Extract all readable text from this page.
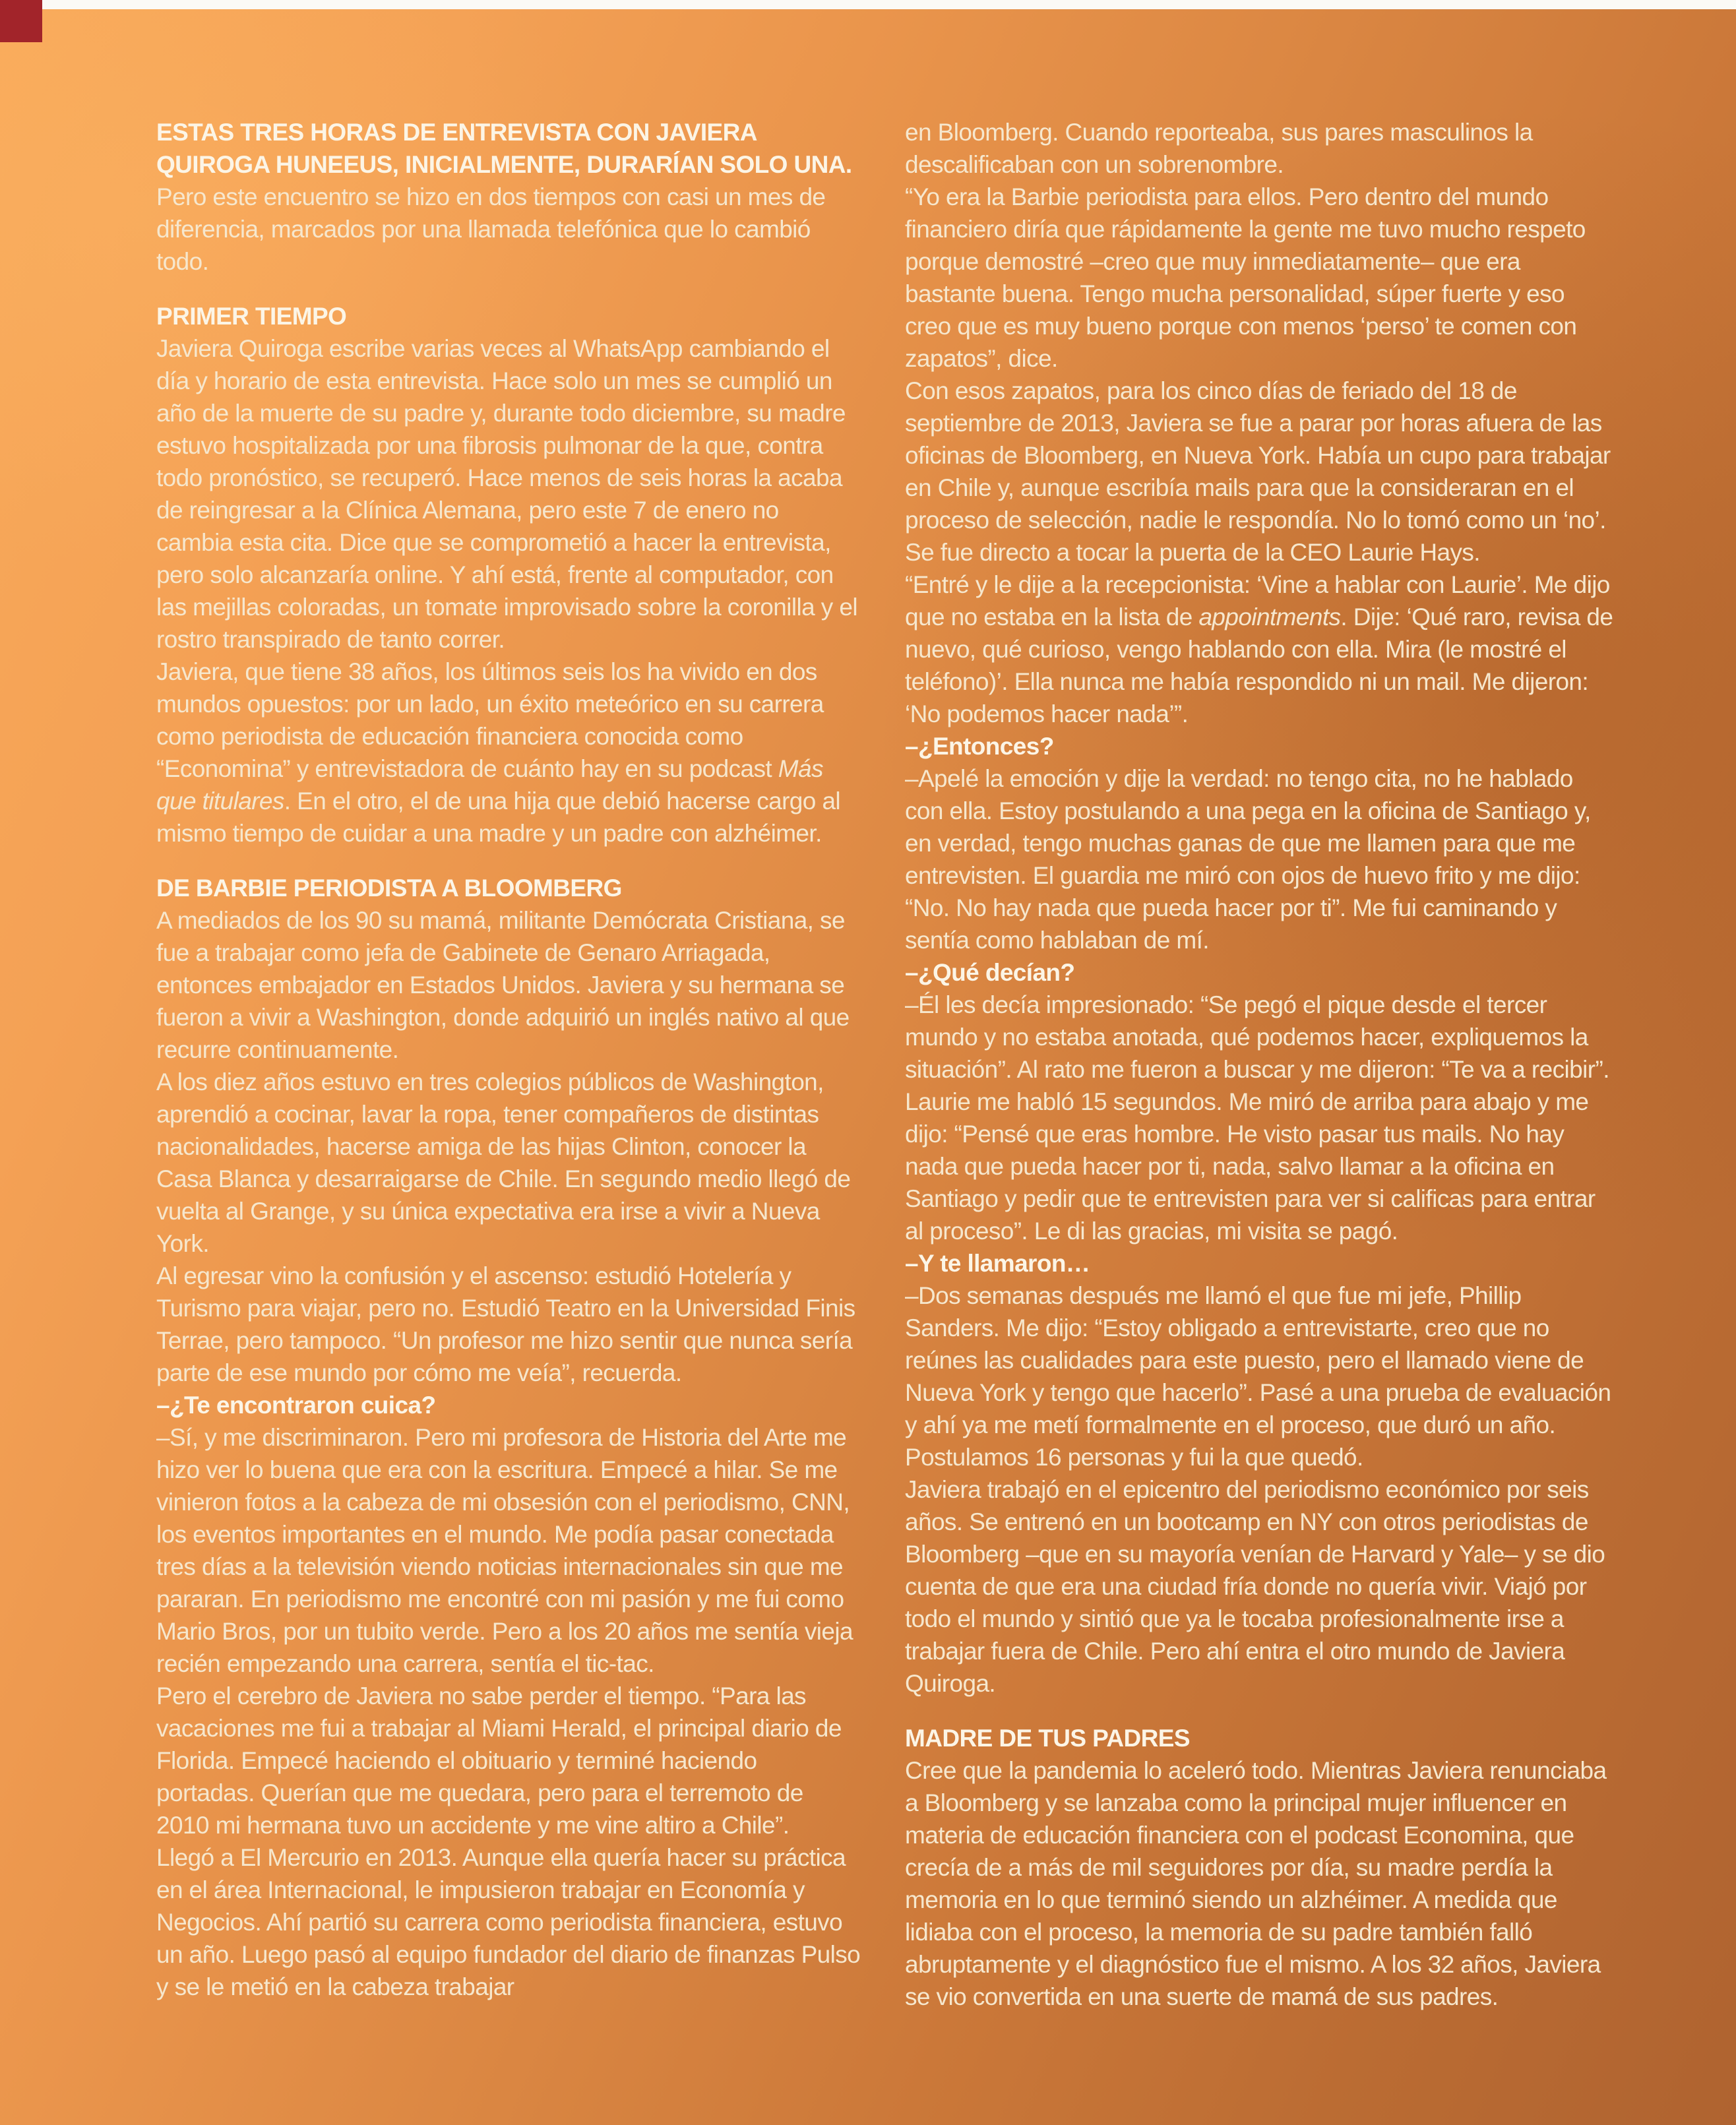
ESTAS TRES HORAS DE ENTREVISTA CON JAVIERA QUIROGA HUNEEUS, INICIALMENTE, DURARÍAN SOLO UNA. Pero este encuentro se hizo en dos tiempos con casi un mes de diferencia, marcados por una llamada telefónica que lo cambió todo.

PRIMER TIEMPO

Javiera Quiroga escribe varias veces al WhatsApp cambiando el día y horario de esta entrevista. Hace solo un mes se cumplió un año de la muerte de su padre y, durante todo diciembre, su madre estuvo hospitalizada por una fibrosis pulmonar de la que, contra todo pronóstico, se recuperó. Hace menos de seis horas la acaba de reingresar a la Clínica Alemana, pero este 7 de enero no cambia esta cita. Dice que se comprometió a hacer la entrevista, pero solo alcanzaría online. Y ahí está, frente al computador, con las mejillas coloradas, un tomate improvisado sobre la coronilla y el rostro transpirado de tanto correr.

Javiera, que tiene 38 años, los últimos seis los ha vivido en dos mundos opuestos: por un lado, un éxito meteórico en su carrera como periodista de educación financiera conocida como “Economina” y entrevistadora de cuánto hay en su podcast Más que titulares. En el otro, el de una hija que debió hacerse cargo al mismo tiempo de cuidar a una madre y un padre con alzhéimer.

DE BARBIE PERIODISTA A BLOOMBERG

A mediados de los 90 su mamá, militante Demócrata Cristiana, se fue a trabajar como jefa de Gabinete de Genaro Arriagada, entonces embajador en Estados Unidos. Javiera y su hermana se fueron a vivir a Washington, donde adquirió un inglés nativo al que recurre continuamente.

A los diez años estuvo en tres colegios públicos de Washington, aprendió a cocinar, lavar la ropa, tener compañeros de distintas nacionalidades, hacerse amiga de las hijas Clinton, conocer la Casa Blanca y desarraigarse de Chile. En segundo medio llegó de vuelta al Grange, y su única expectativa era irse a vivir a Nueva York.

Al egresar vino la confusión y el ascenso: estudió Hotelería y Turismo para viajar, pero no. Estudió Teatro en la Universidad Finis Terrae, pero tampoco. “Un profesor me hizo sentir que nunca sería parte de ese mundo por cómo me veía”, recuerda.

–¿Te encontraron cuica?

–Sí, y me discriminaron. Pero mi profesora de Historia del Arte me hizo ver lo buena que era con la escritura. Empecé a hilar. Se me vinieron fotos a la cabeza de mi obsesión con el periodismo, CNN, los eventos importantes en el mundo. Me podía pasar conectada tres días a la televisión viendo noticias internacionales sin que me pararan. En periodismo me encontré con mi pasión y me fui como Mario Bros, por un tubito verde. Pero a los 20 años me sentía vieja recién empezando una carrera, sentía el tic-tac.

Pero el cerebro de Javiera no sabe perder el tiempo. “Para las vacaciones me fui a trabajar al Miami Herald, el principal diario de Florida. Empecé haciendo el obituario y terminé haciendo portadas. Querían que me quedara, pero para el terremoto de 2010 mi hermana tuvo un accidente y me vine altiro a Chile”.

Llegó a El Mercurio en 2013. Aunque ella quería hacer su práctica en el área Internacional, le impusieron trabajar en Economía y Negocios. Ahí partió su carrera como periodista financiera, estuvo un año. Luego pasó al equipo fundador del diario de finanzas Pulso y se le metió en la cabeza trabajar

en Bloomberg. Cuando reporteaba, sus pares masculinos la descalificaban con un sobrenombre.

“Yo era la Barbie periodista para ellos. Pero dentro del mundo financiero diría que rápidamente la gente me tuvo mucho respeto porque demostré –creo que muy inmediatamente– que era bastante buena. Tengo mucha personalidad, súper fuerte y eso creo que es muy bueno porque con menos ‘perso’ te comen con zapatos”, dice.

Con esos zapatos, para los cinco días de feriado del 18 de septiembre de 2013, Javiera se fue a parar por horas afuera de las oficinas de Bloomberg, en Nueva York. Había un cupo para trabajar en Chile y, aunque escribía mails para que la consideraran en el proceso de selección, nadie le respondía. No lo tomó como un ‘no’. Se fue directo a tocar la puerta de la CEO Laurie Hays.

“Entré y le dije a la recepcionista: ‘Vine a hablar con Laurie’. Me dijo que no estaba en la lista de appointments. Dije: ‘Qué raro, revisa de nuevo, qué curioso, vengo hablando con ella. Mira (le mostré el teléfono)’. Ella nunca me había respondido ni un mail. Me dijeron: ‘No podemos hacer nada’”.

–¿Entonces?

–Apelé la emoción y dije la verdad: no tengo cita, no he hablado con ella. Estoy postulando a una pega en la oficina de Santiago y, en verdad, tengo muchas ganas de que me llamen para que me entrevisten. El guardia me miró con ojos de huevo frito y me dijo: “No. No hay nada que pueda hacer por ti”. Me fui caminando y sentía como hablaban de mí.

–¿Qué decían?

–Él les decía impresionado: “Se pegó el pique desde el tercer mundo y no estaba anotada, qué podemos hacer, expliquemos la situación”. Al rato me fueron a buscar y me dijeron: “Te va a recibir”. Laurie me habló 15 segundos. Me miró de arriba para abajo y me dijo: “Pensé que eras hombre. He visto pasar tus mails. No hay nada que pueda hacer por ti, nada, salvo llamar a la oficina en Santiago y pedir que te entrevisten para ver si calificas para entrar al proceso”. Le di las gracias, mi visita se pagó.

–Y te llamaron…

–Dos semanas después me llamó el que fue mi jefe, Phillip Sanders. Me dijo: “Estoy obligado a entrevistarte, creo que no reúnes las cualidades para este puesto, pero el llamado viene de Nueva York y tengo que hacerlo”. Pasé a una prueba de evaluación y ahí ya me metí formalmente en el proceso, que duró un año. Postulamos 16 personas y fui la que quedó.

Javiera trabajó en el epicentro del periodismo económico por seis años. Se entrenó en un bootcamp en NY con otros periodistas de Bloomberg –que en su mayoría venían de Harvard y Yale– y se dio cuenta de que era una ciudad fría donde no quería vivir. Viajó por todo el mundo y sintió que ya le tocaba profesionalmente irse a trabajar fuera de Chile. Pero ahí entra el otro mundo de Javiera Quiroga.

MADRE DE TUS PADRES

Cree que la pandemia lo aceleró todo. Mientras Javiera renunciaba a Bloomberg y se lanzaba como la principal mujer influencer en materia de educación financiera con el podcast Economina, que crecía de a más de mil seguidores por día, su madre perdía la memoria en lo que terminó siendo un alzhéimer. A medida que lidiaba con el proceso, la memoria de su padre también falló abruptamente y el diagnóstico fue el mismo. A los 32 años, Javiera se vio convertida en una suerte de mamá de sus padres.
